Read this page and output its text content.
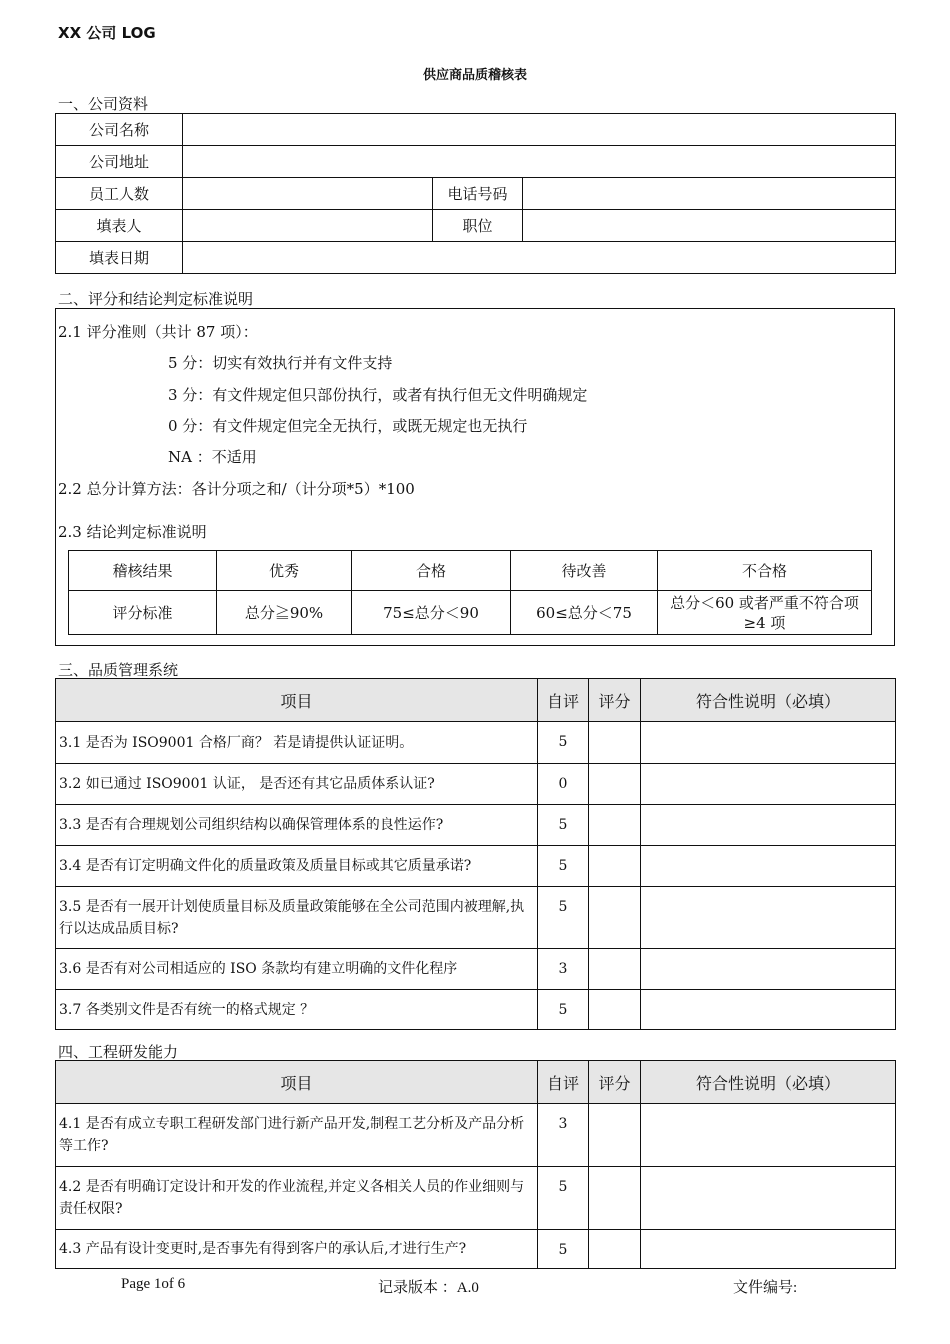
XX 公司 LOG
供应商品质稽核表
一、公司资料
公司名称			
公司地址			
员工人数		电话号码	
填表人		职位	
填表日期			
二、评分和结论判定标准说明
2.1 评分准则（共计 87 项）：
5 分：切实有效执行并有文件支持
3 分：有文件规定但只部份执行，或者有执行但无文件明确规定
0 分：有文件规定但完全无执行，或既无规定也无执行
NA ：不适用
2.2 总分计算方法：各计分项之和/（计分项*5）*100
2.3 结论判定标准说明
稽核结果	优秀	合格	待改善	不合格
评分标准	总分≧90%	75≤总分＜90	60≤总分＜75	总分＜60 或者严重不符合项≥4 项
三、品质管理系统
项目	自评	评分	符合性说明（必填）
3.1 是否为 ISO9001 合格厂商？ 若是请提供认证证明。	5		
3.2 如已通过 ISO9001 认证， 是否还有其它品质体系认证?	0		
3.3 是否有合理规划公司组织结构以确保管理体系的良性运作?	5		
3.4 是否有订定明确文件化的质量政策及质量目标或其它质量承诺?	5		
3.5 是否有一展开计划使质量目标及质量政策能够在全公司范围内被理解,执行以达成品质目标?	5		
3.6 是否有对公司相适应的 ISO 条款均有建立明确的文件化程序	3		
3.7 各类别文件是否有统一的格式规定 ？	5		
四、工程研发能力
项目	自评	评分	符合性说明（必填）
4.1 是否有成立专职工程研发部门进行新产品开发,制程工艺分析及产品分析等工作?	3		
4.2 是否有明确订定设计和开发的作业流程,并定义各相关人员的作业细则与责任权限?	5		
4.3 产品有设计变更时,是否事先有得到客户的承认后,才进行生产?	5		
Page 1of 6	记录版本 ：A.0	文件编号:
